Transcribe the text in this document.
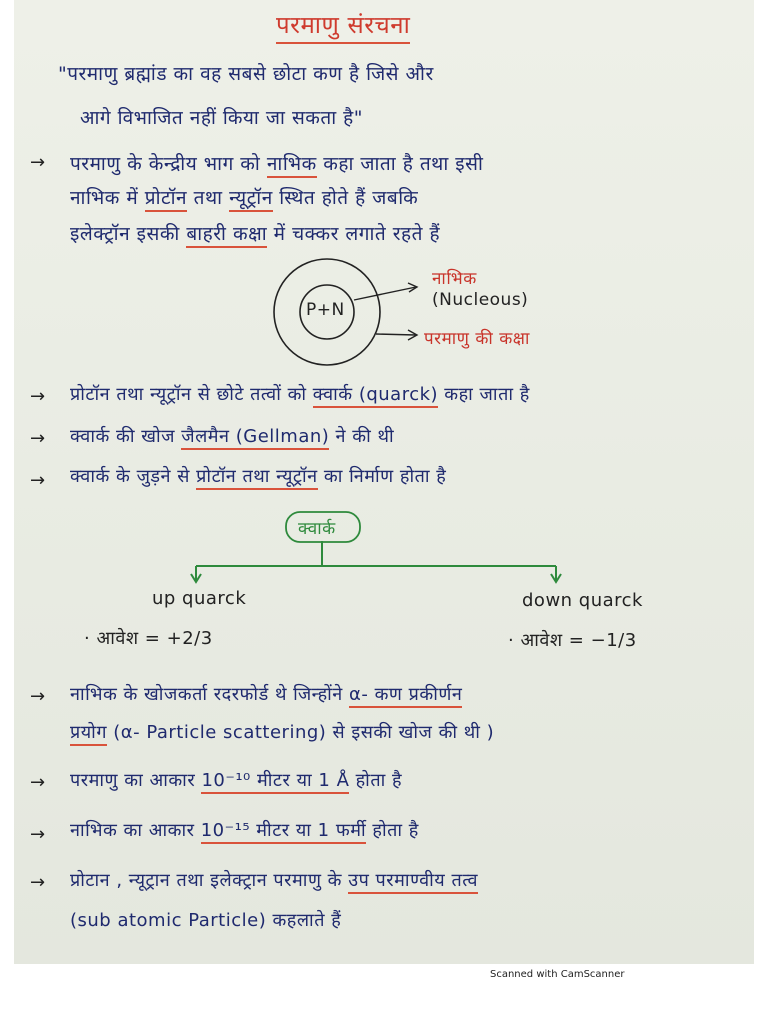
परमाणु संरचना
"परमाणु ब्रह्मांड का वह सबसे छोटा कण है जिसे और
आगे विभाजित नहीं किया जा सकता है"
→ परमाणु के केन्द्रीय भाग को नाभिक कहा जाता है तथा इसी
नाभिक में प्रोटॉन तथा न्यूट्रॉन स्थित होते हैं जबकि
इलेक्ट्रॉन इसकी बाहरी कक्षा में चक्कर लगाते रहते हैं
P+N
नाभिक
(Nucleous)
परमाणु की कक्षा
→ प्रोटॉन तथा न्यूट्रॉन से छोटे तत्वों को क्वार्क (quarck) कहा जाता है
→ क्वार्क की खोज जैलमैन (Gellman) ने की थी
→ क्वार्क के जुड़ने से प्रोटॉन तथा न्यूट्रॉन का निर्माण होता है
क्वार्क
up quarck	down quarck
· आवेश = +2/3	· आवेश = −1/3
→ नाभिक के खोजकर्ता रदरफोर्ड थे जिन्होंने α- कण प्रकीर्णन
प्रयोग (α- Particle scattering) से इसकी खोज की थी )
→ परमाणु का आकार 10⁻¹⁰ मीटर या 1 Å होता है
→ नाभिक का आकार 10⁻¹⁵ मीटर या 1 फर्मी होता है
→ प्रोटान , न्यूट्रान तथा इलेक्ट्रान परमाणु के उप परमाण्वीय तत्व
(sub atomic Particle) कहलाते हैं
Scanned with CamScanner
